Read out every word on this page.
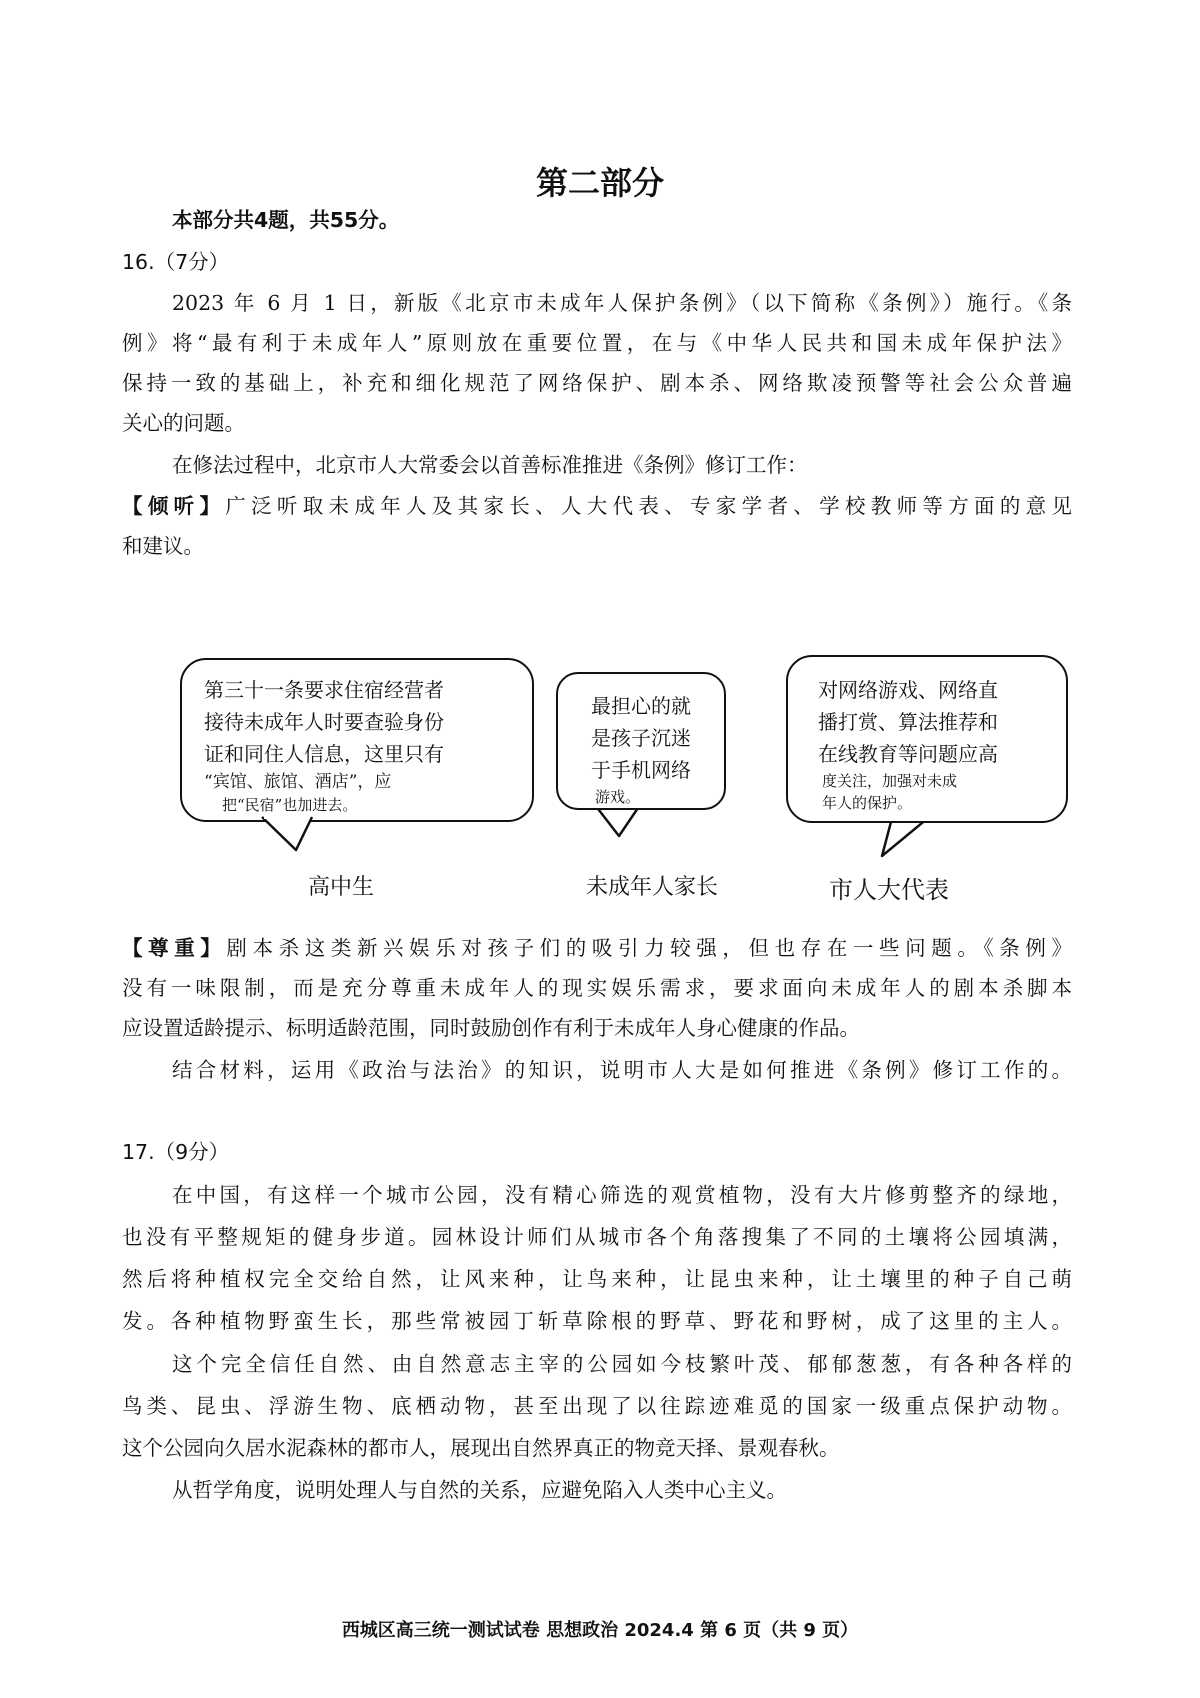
第二部分
本部分共4题，共55分。
16.（7分）
2023 年 6 月 1 日，新版《北京市未成年人保护条例》（以下简称《条例》）施行。《条
例》将“最有利于未成年人”原则放在重要位置，在与《中华人民共和国未成年保护法》
保持一致的基础上，补充和细化规范了网络保护、剧本杀、网络欺凌预警等社会公众普遍
关心的问题。
在修法过程中，北京市人大常委会以首善标准推进《条例》修订工作：
【倾听】广泛听取未成年人及其家长、人大代表、专家学者、学校教师等方面的意见
和建议。
第三十一条要求住宿经营者
接待未成年人时要查验身份
证和同住人信息，这里只有
“宾馆、旅馆、酒店”，应
把“民宿”也加进去。
最担心的就
是孩子沉迷
于手机网络
游戏。
对网络游戏、网络直
播打赏、算法推荐和
在线教育等问题应高
度关注，加强对未成
年人的保护。
高中生	未成年人家长	市人大代表
【尊重】剧本杀这类新兴娱乐对孩子们的吸引力较强，但也存在一些问题。《条例》
没有一味限制，而是充分尊重未成年人的现实娱乐需求，要求面向未成年人的剧本杀脚本
应设置适龄提示、标明适龄范围，同时鼓励创作有利于未成年人身心健康的作品。
结合材料，运用《政治与法治》的知识，说明市人大是如何推进《条例》修订工作的。
17.（9分）
在中国，有这样一个城市公园，没有精心筛选的观赏植物，没有大片修剪整齐的绿地，
也没有平整规矩的健身步道。园林设计师们从城市各个角落搜集了不同的土壤将公园填满，
然后将种植权完全交给自然，让风来种，让鸟来种，让昆虫来种，让土壤里的种子自己萌
发。各种植物野蛮生长，那些常被园丁斩草除根的野草、野花和野树，成了这里的主人。
这个完全信任自然、由自然意志主宰的公园如今枝繁叶茂、郁郁葱葱，有各种各样的
鸟类、昆虫、浮游生物、底栖动物，甚至出现了以往踪迹难觅的国家一级重点保护动物。
这个公园向久居水泥森林的都市人，展现出自然界真正的物竞天择、景观春秋。
从哲学角度，说明处理人与自然的关系，应避免陷入人类中心主义。
西城区高三统一测试试卷 思想政治 2024.4 第 6 页（共 9 页）
